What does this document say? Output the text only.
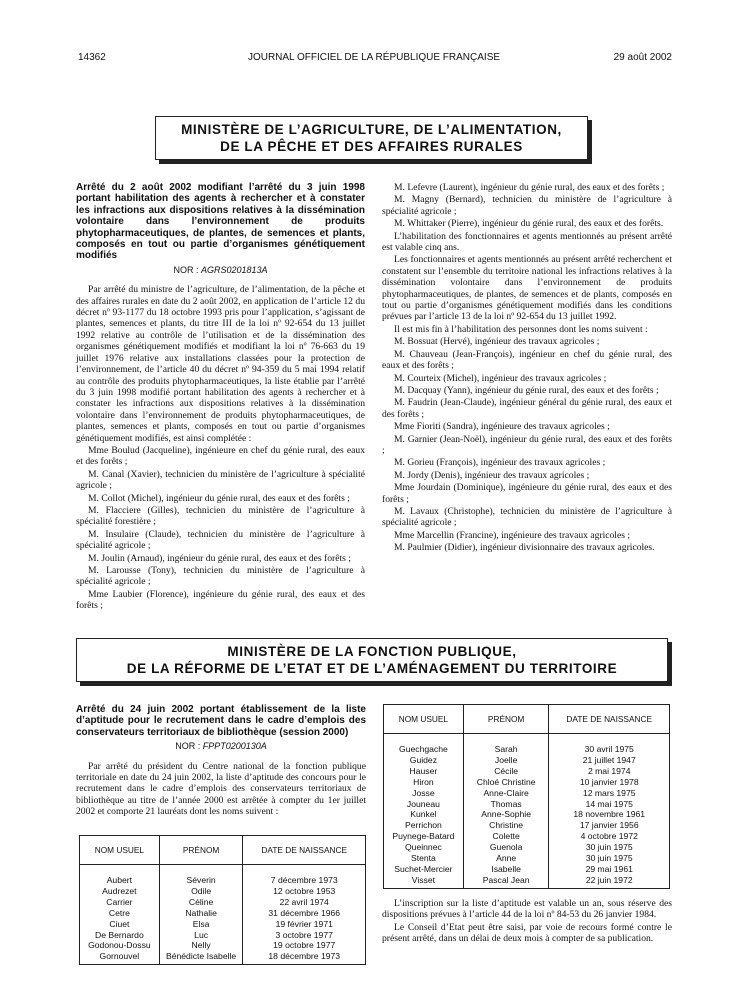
14362	JOURNAL OFFICIEL DE LA RÉPUBLIQUE FRANÇAISE	29 août 2002
MINISTÈRE DE L’AGRICULTURE, DE L’ALIMENTATION,
DE LA PÊCHE ET DES AFFAIRES RURALES

Arrêté du 2 août 2002 modifiant l’arrêté du 3 juin 1998 portant habilitation des agents à rechercher et à constater les infractions aux dispositions relatives à la dissémination volontaire dans l’environnement de produits phytopharmaceutiques, de plantes, de semences et plants, composés en tout ou partie d’organismes génétiquement modifiés

NOR : AGRS0201813A

Par arrêté du ministre de l’agriculture, de l’alimentation, de la pêche et des affaires rurales en date du 2 août 2002, en application de l’article 12 du décret nº 93-1177 du 18 octobre 1993 pris pour l’application, s’agissant de plantes, semences et plants, du titre III de la loi nº 92-654 du 13 juillet 1992 relative au contrôle de l’utilisation et de la dissémination des organismes génétiquement modifiés et modifiant la loi nº 76-663 du 19 juillet 1976 relative aux installations classées pour la protection de l’environnement, de l’article 40 du décret nº 94-359 du 5 mai 1994 relatif au contrôle des produits phytopharmaceutiques, la liste établie par l’arrêté du 3 juin 1998 modifié portant habilitation des agents à rechercher et à constater les infractions aux dispositions relatives à la dissémination volontaire dans l’environnement de produits phytopharmaceutiques, de plantes, semences et plants, composés en tout ou partie d’organismes génétiquement modifiés, est ainsi complétée :

Mme Boulud (Jacqueline), ingénieure en chef du génie rural, des eaux et des forêts ;

M. Canal (Xavier), technicien du ministère de l’agriculture à spécialité agricole ;

M. Collot (Michel), ingénieur du génie rural, des eaux et des forêts ;

M. Flacciere (Gilles), technicien du ministère de l’agriculture à spécialité forestière ;

M. Insulaire (Claude), technicien du ministère de l’agriculture à spécialité agricole ;

M. Joulin (Arnaud), ingénieur du génie rural, des eaux et des forêts ;

M. Larousse (Tony), technicien du ministère de l’agriculture à spécialité agricole ;

Mme Laubier (Florence), ingénieure du génie rural, des eaux et des forêts ;

M. Lefevre (Laurent), ingénieur du génie rural, des eaux et des forêts ;

M. Magny (Bernard), technicien du ministère de l’agriculture à spécialité agricole ;

M. Whittaker (Pierre), ingénieur du génie rural, des eaux et des forêts.

L’habilitation des fonctionnaires et agents mentionnés au présent arrêté est valable cinq ans.

Les fonctionnaires et agents mentionnés au présent arrêté recherchent et constatent sur l’ensemble du territoire national les infractions relatives à la dissémination volontaire dans l’environnement de produits phytopharmaceutiques, de plantes, de semences et de plants, composés en tout ou partie d’organismes génétiquement modifiés dans les conditions prévues par l’article 13 de la loi nº 92-654 du 13 juillet 1992.

Il est mis fin à l’habilitation des personnes dont les noms suivent :

M. Bossuat (Hervé), ingénieur des travaux agricoles ;

M. Chauveau (Jean-François), ingénieur en chef du génie rural, des eaux et des forêts ;

M. Courteix (Michel), ingénieur des travaux agricoles ;

M. Dacquay (Yann), ingénieur du génie rural, des eaux et des forêts ;

M. Faudrin (Jean-Claude), ingénieur général du génie rural, des eaux et des forêts ;

Mme Fioriti (Sandra), ingénieure des travaux agricoles ;

M. Garnier (Jean-Noël), ingénieur du génie rural, des eaux et des forêts ;

M. Gorieu (François), ingénieur des travaux agricoles ;

M. Jordy (Denis), ingénieur des travaux agricoles ;

Mme Jourdain (Dominique), ingénieure du génie rural, des eaux et des forêts ;

M. Lavaux (Christophe), technicien du ministère de l’agriculture à spécialité agricole ;

Mme Marcellin (Francine), ingénieure des travaux agricoles ;

M. Paulmier (Didier), ingénieur divisionnaire des travaux agricoles.

MINISTÈRE DE LA FONCTION PUBLIQUE,
DE LA RÉFORME DE L’ETAT ET DE L’AMÉNAGEMENT DU TERRITOIRE

Arrêté du 24 juin 2002 portant établissement de la liste d’aptitude pour le recrutement dans le cadre d’emplois des conservateurs territoriaux de bibliothèque (session 2000)

NOR : FPPT0200130A

Par arrêté du président du Centre national de la fonction publique territoriale en date du 24 juin 2002, la liste d’aptitude des concours pour le recrutement dans le cadre d’emplois des conservateurs territoriaux de bibliothèque au titre de l’année 2000 est arrêtée à compter du 1er juillet 2002 et comporte 21 lauréats dont les noms suivent :

NOM USUEL	PRÉNOM	DATE DE NAISSANCE
Aubert	Séverin	7 décembre 1973
Audrezet	Odile	12 octobre 1953
Carrier	Céline	22 avril 1974
Cetre	Nathalie	31 décembre 1966
Ciuet	Elsa	19 février 1971
De Bernardo	Luc	3 octobre 1977
Godonou-Dossu	Nelly	19 octobre 1977
Gornouvel	Bénédicte Isabelle	18 décembre 1973
NOM USUEL	PRÉNOM	DATE DE NAISSANCE
Guechgache	Sarah	30 avril 1975
Guidez	Joelle	21 juillet 1947
Hauser	Cécile	2 mai 1974
Hiron	Chloé Christine	10 janvier 1978
Josse	Anne-Claire	12 mars 1975
Jouneau	Thomas	14 mai 1975
Kunkel	Anne-Sophie	18 novembre 1961
Perrichon	Christine	17 janvier 1956
Puynege-Batard	Colette	4 octobre 1972
Queinnec	Guenola	30 juin 1975
Stenta	Anne	30 juin 1975
Suchet-Mercier	Isabelle	29 mai 1961
Visset	Pascal Jean	22 juin 1972

L’inscription sur la liste d’aptitude est valable un an, sous réserve des dispositions prévues à l’article 44 de la loi nº 84-53 du 26 janvier 1984.

Le Conseil d’Etat peut être saisi, par voie de recours formé contre le présent arrêté, dans un délai de deux mois à compter de sa publication.
